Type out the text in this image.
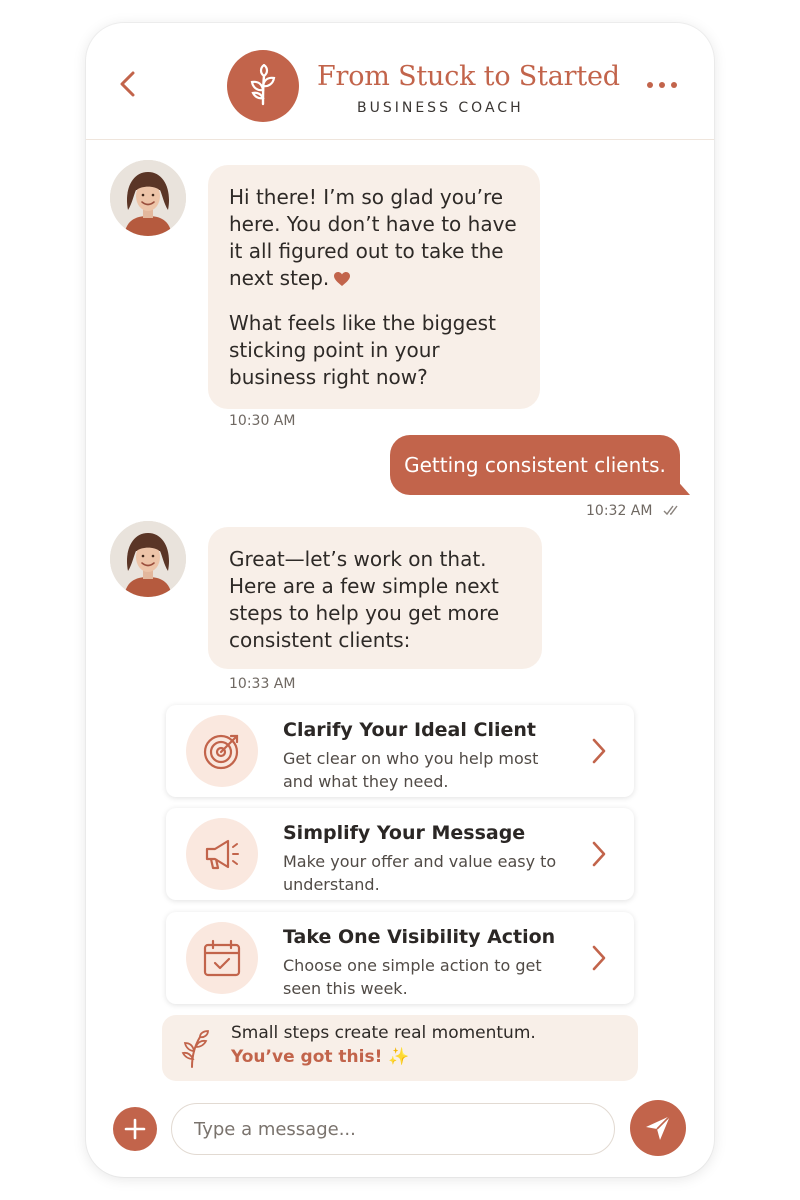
From Stuck to Started
BUSINESS COACH

Hi there! I’m so glad you’re here. You don’t have to have it all figured out to take the next step.

What feels like the biggest sticking point in your business right now?

10:30 AM
Getting consistent clients.
10:32 AM

Great—let’s work on that. Here are a few simple next steps to help you get more consistent clients:

10:33 AM
Clarify Your Ideal Client
Get clear on who you help most and what they need.
Simplify Your Message
Make your offer and value easy to understand.
Take One Visibility Action
Choose one simple action to get seen this week.
Small steps create real momentum.
You’ve got this! ✨
Type a message...
